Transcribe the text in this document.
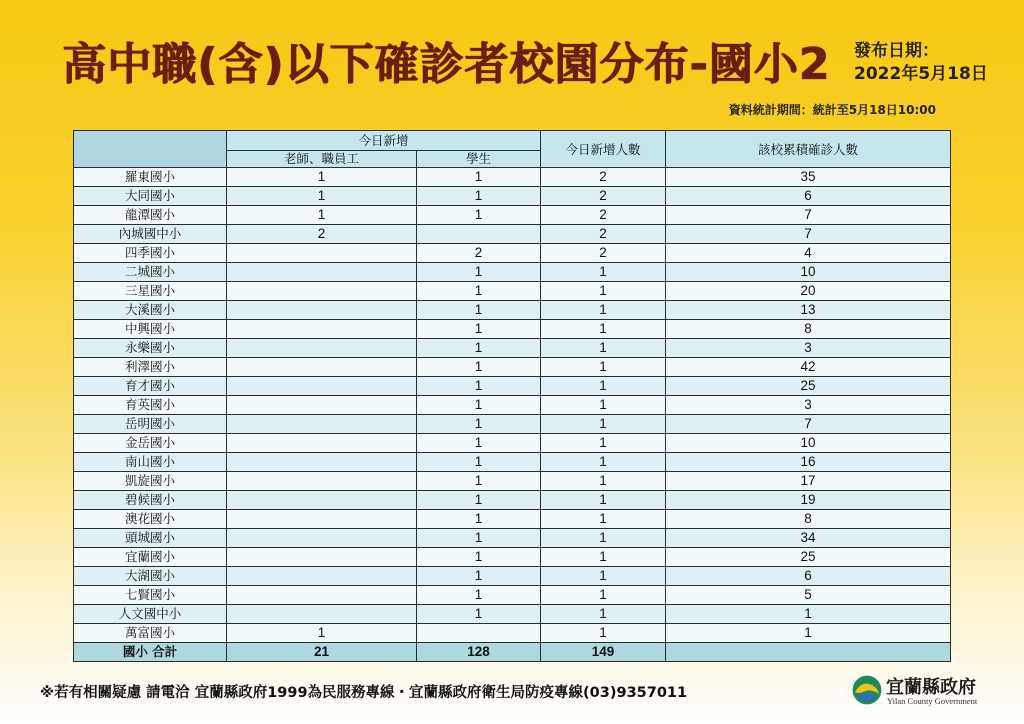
高中職(含)以下確診者校園分布-國小2 發布日期：
2022年5月18日
資料統計期間：統計至5月18日10:00
	今日新增		今日新增人數	該校累積確診人數
	老師、職員工	學生		
羅東國小	1	1	2	35
大同國小	1	1	2	6
龍潭國小	1	1	2	7
內城國中小	2		2	7
四季國小		2	2	4
二城國小		1	1	10
三星國小		1	1	20
大溪國小		1	1	13
中興國小		1	1	8
永樂國小		1	1	3
利澤國小		1	1	42
育才國小		1	1	25
育英國小		1	1	3
岳明國小		1	1	7
金岳國小		1	1	10
南山國小		1	1	16
凱旋國小		1	1	17
碧候國小		1	1	19
澳花國小		1	1	8
頭城國小		1	1	34
宜蘭國小		1	1	25
大湖國小		1	1	6
七賢國小		1	1	5
人文國中小		1	1	1
萬富國小	1		1	1
國小 合計	21	128	149	
※若有相關疑慮 請電洽 宜蘭縣政府1999為民服務專線・宜蘭縣政府衛生局防疫專線(03)9357011	宜蘭縣政府
Yilan County Government
